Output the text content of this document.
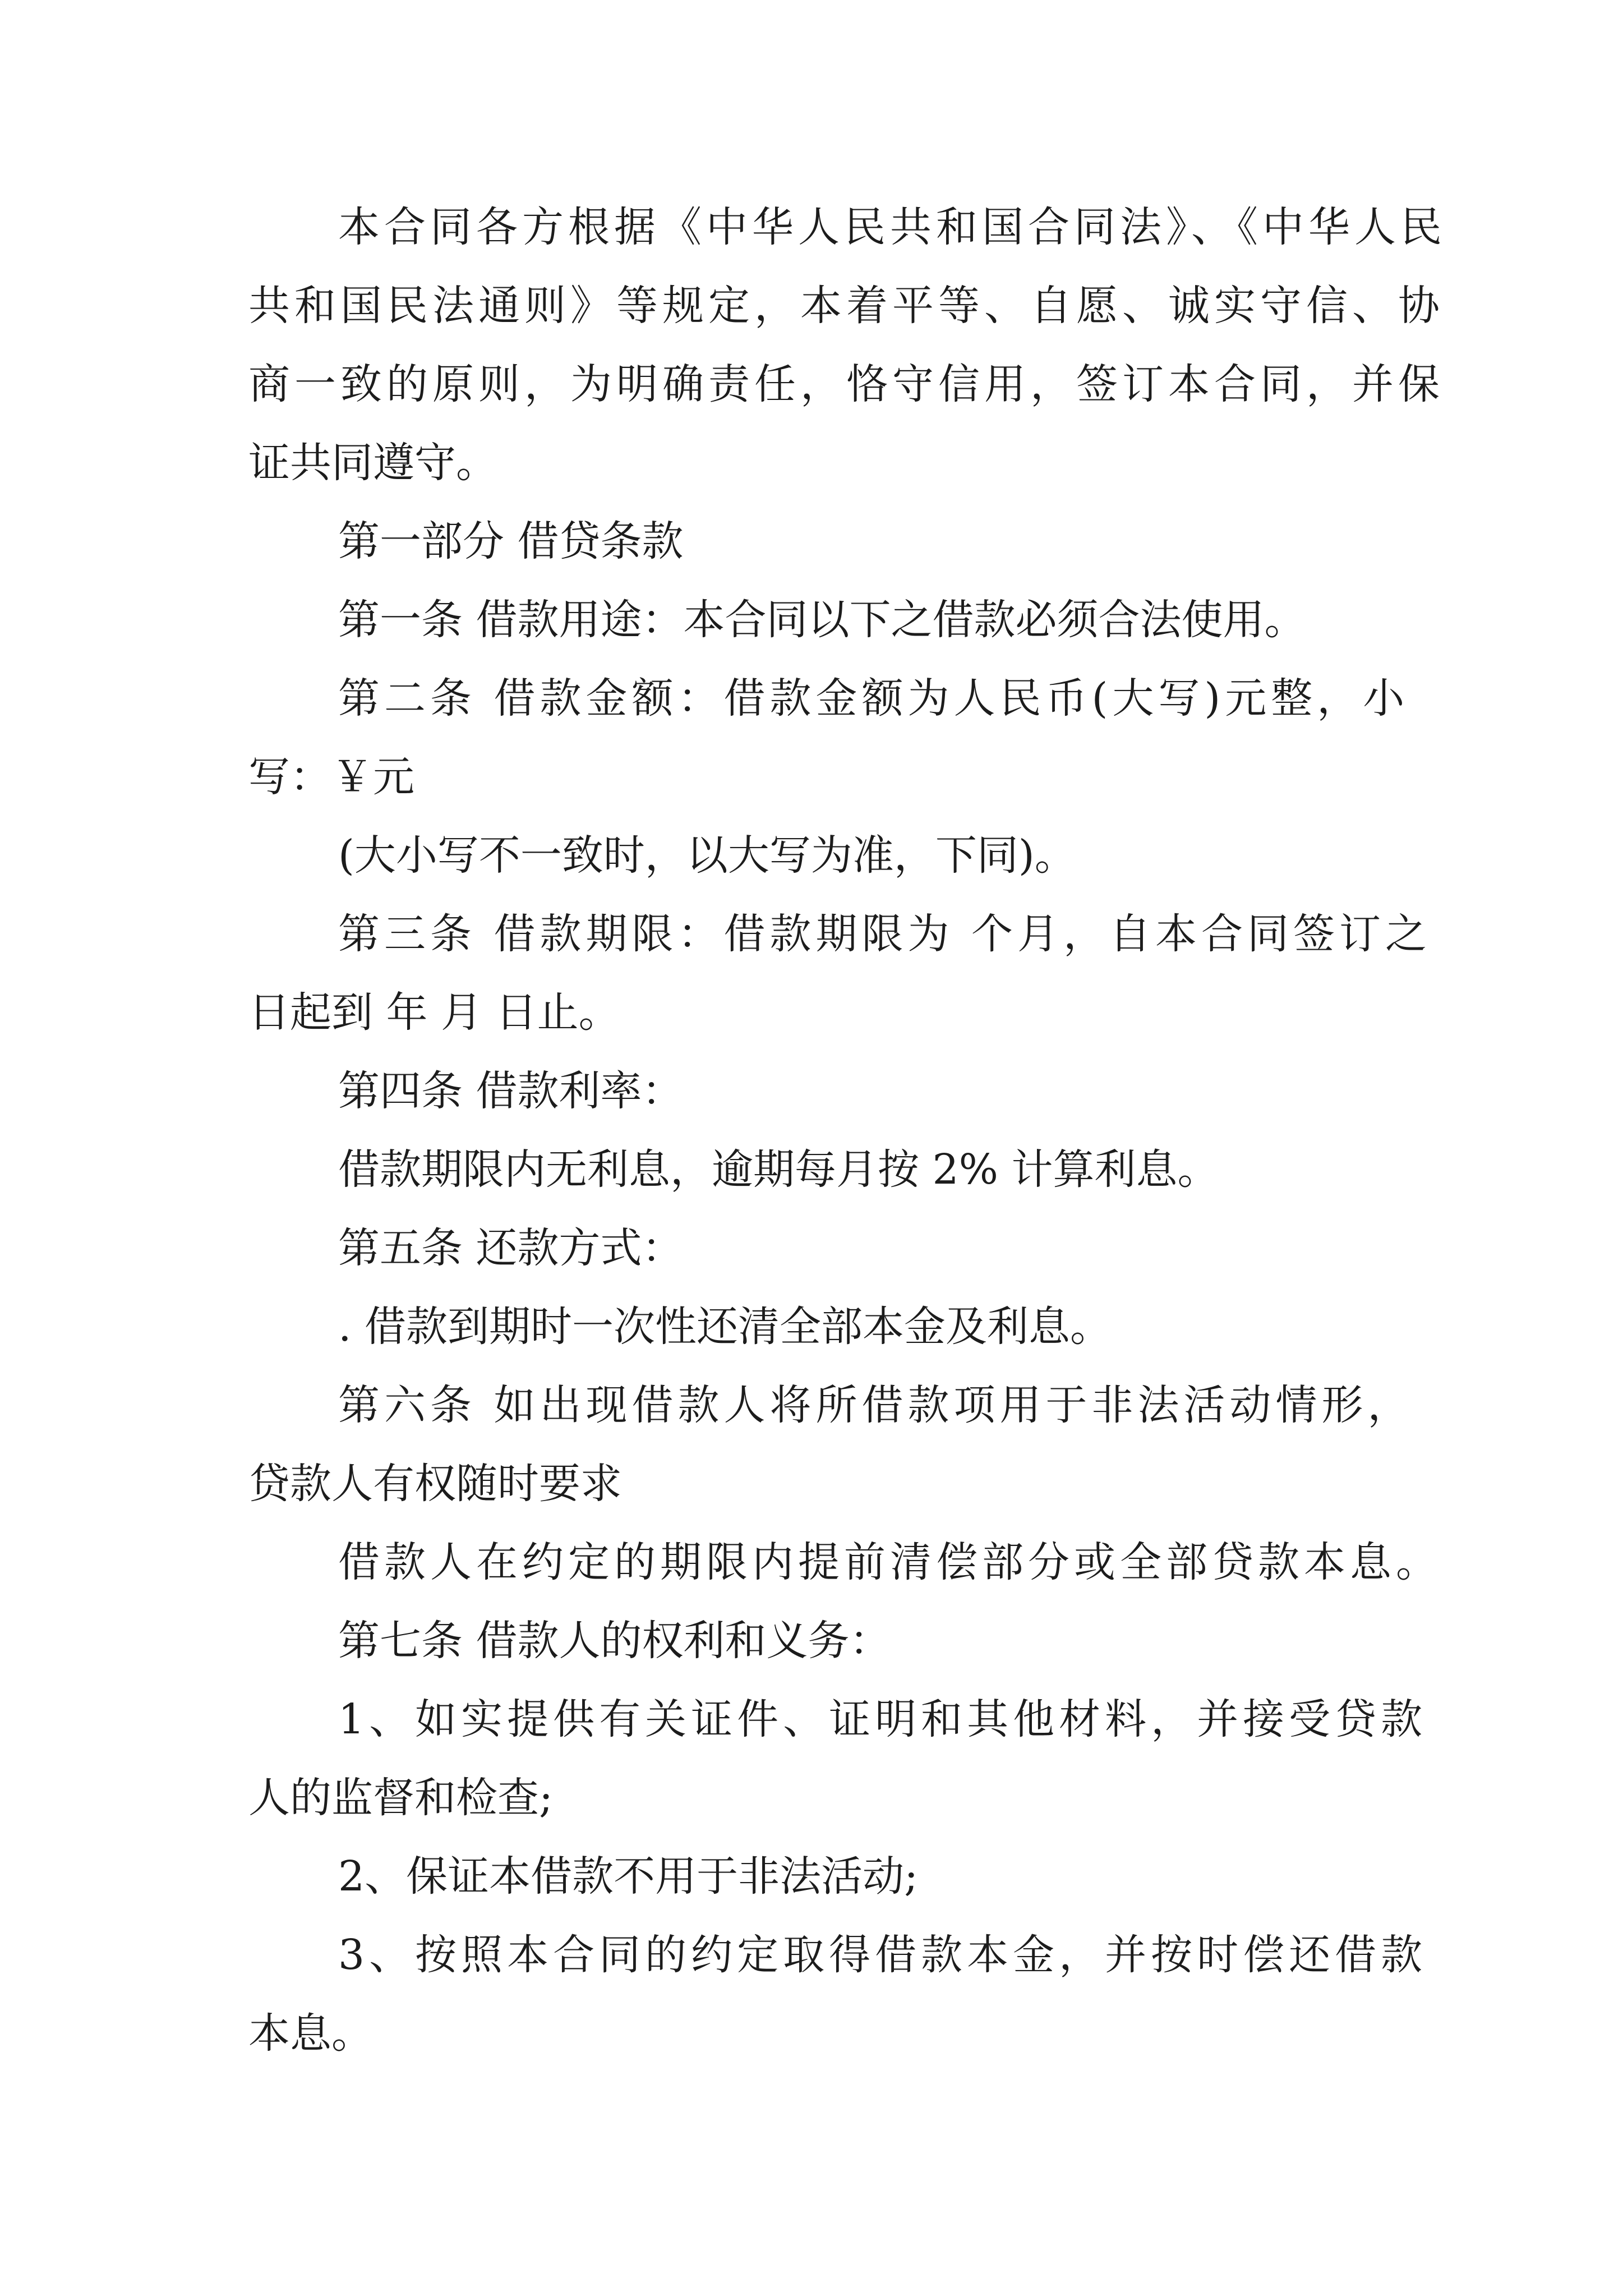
本合同各方根据《中华人民共和国合同法》、《中华人民

共和国民法通则》等规定，本着平等、自愿、诚实守信、协

商一致的原则，为明确责任，恪守信用，签订本合同，并保

证共同遵守。

第一部分 借贷条款

第一条 借款用途：本合同以下之借款必须合法使用。

第二条 借款金额：借款金额为人民币(大写)元整，小

写：￥元

(大小写不一致时，以大写为准，下同)。

第三条 借款期限：借款期限为 个月，自本合同签订之

日起到 年 月 日止。

第四条 借款利率：

借款期限内无利息，逾期每月按 2% 计算利息。

第五条 还款方式：

. 借款到期时一次性还清全部本金及利息。

第六条 如出现借款人将所借款项用于非法活动情形，

贷款人有权随时要求

借款人在约定的期限内提前清偿部分或全部贷款本息。

第七条 借款人的权利和义务：

1、如实提供有关证件、证明和其他材料，并接受贷款

人的监督和检查;

2、保证本借款不用于非法活动;

3、按照本合同的约定取得借款本金，并按时偿还借款

本息。
